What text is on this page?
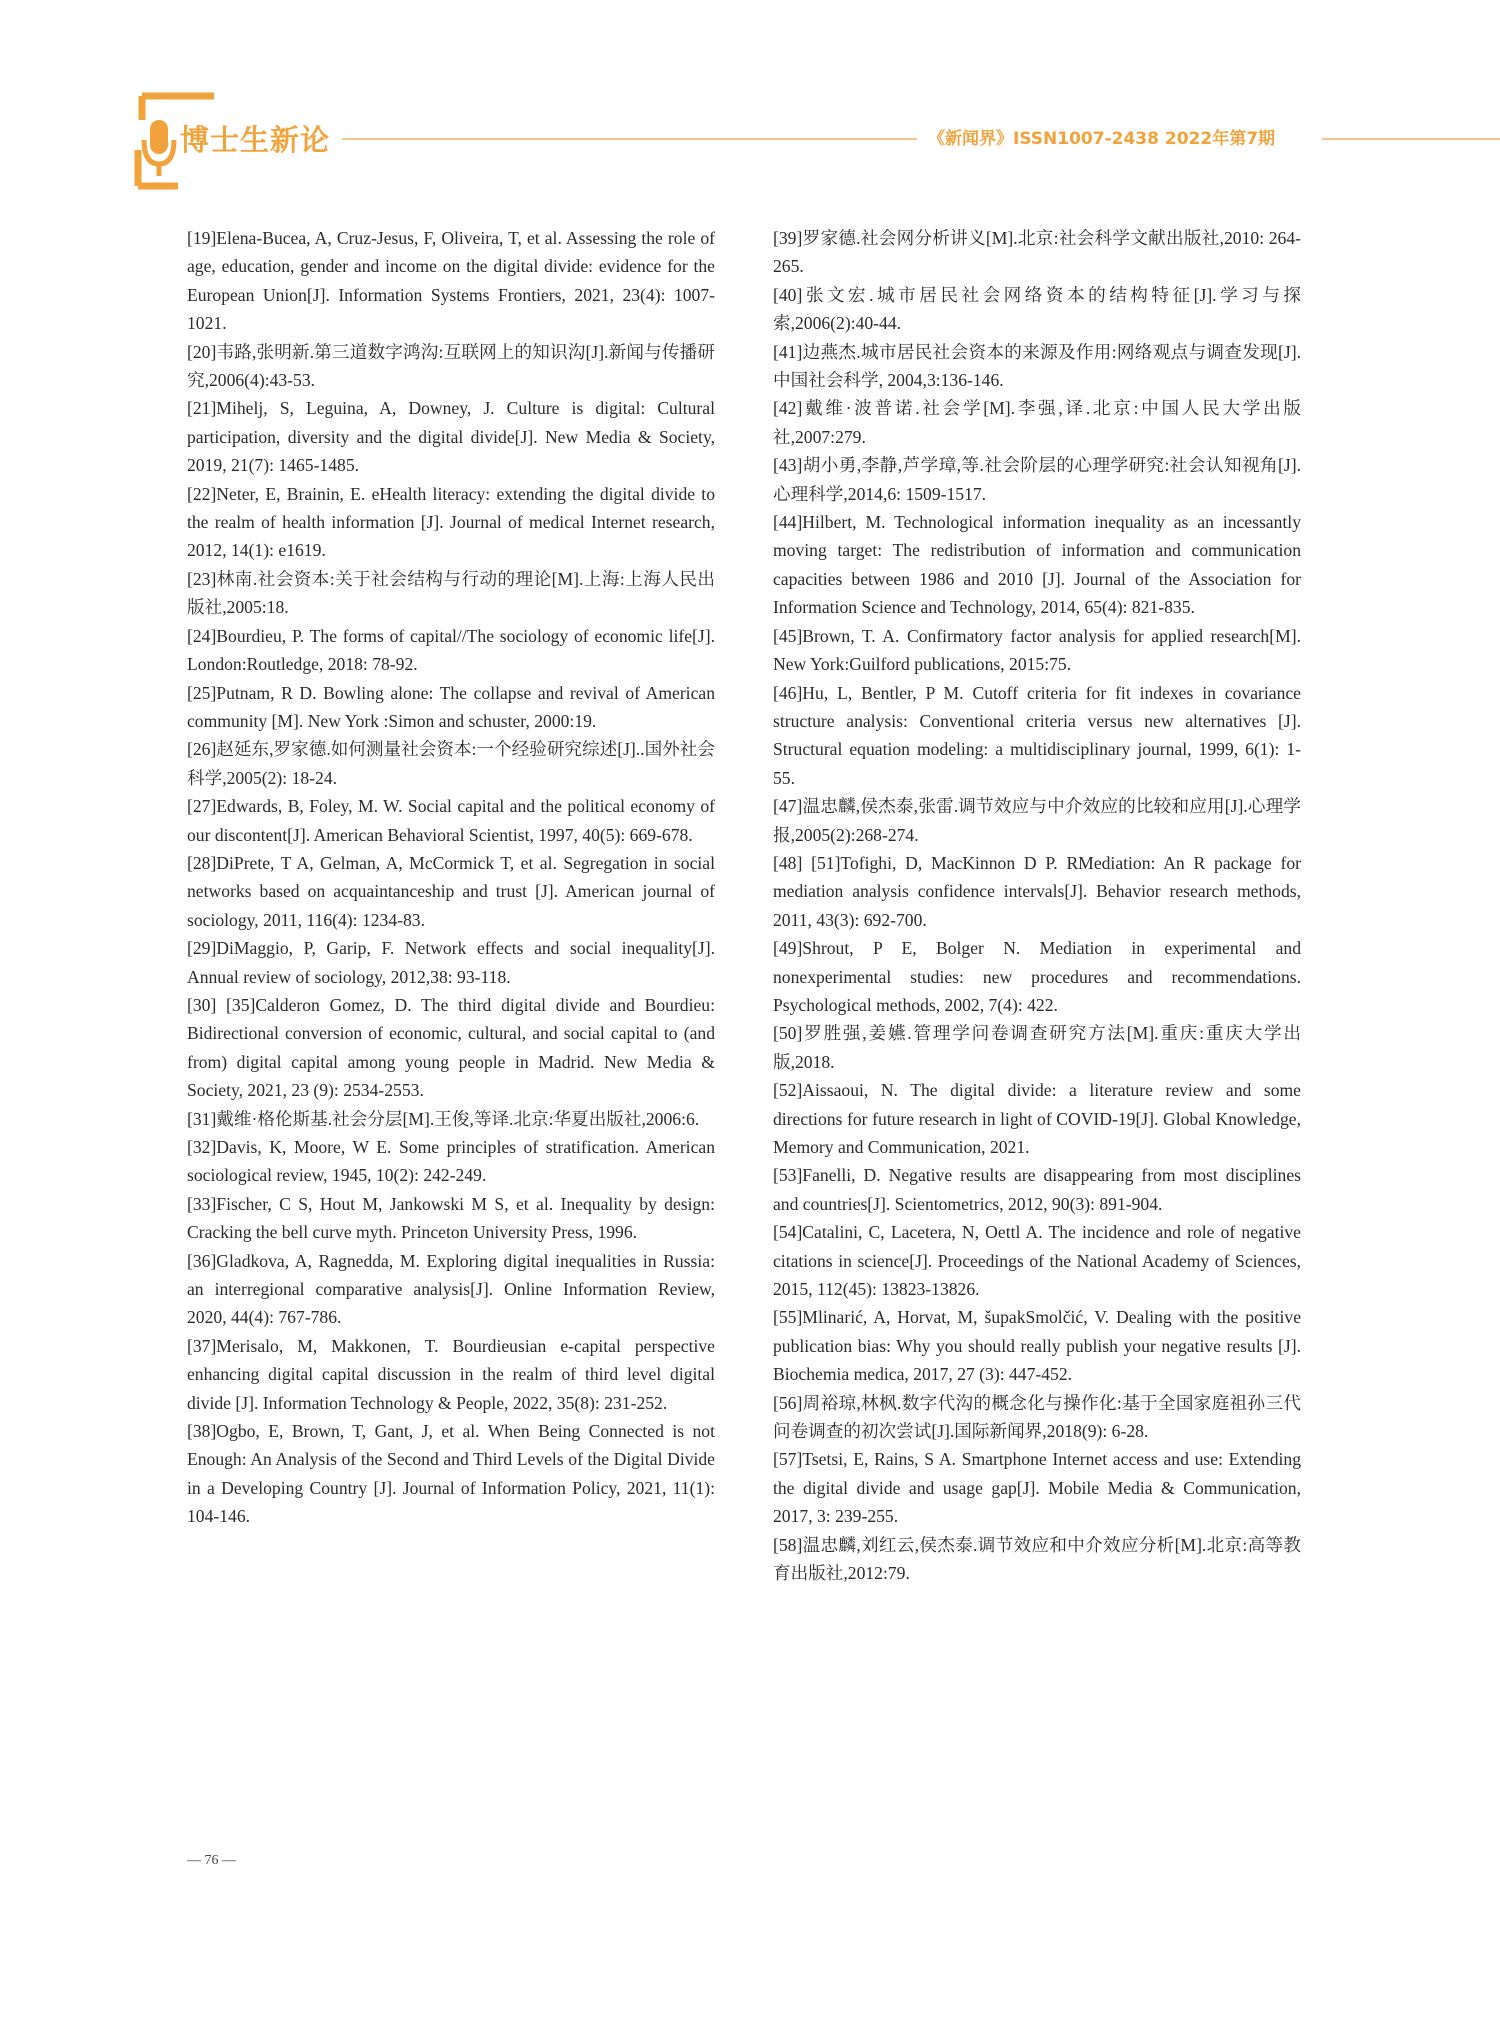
博士生新论	《新闻界》ISSN1007-2438 2022年第7期

[19]Elena-Bucea, A, Cruz-Jesus, F, Oliveira, T, et al. Assessing the role of age, education, gender and income on the digital divide: evidence for the European Union[J]. Information Systems Frontiers, 2021, 23(4): 1007-1021.

[20]韦路,张明新.第三道数字鸿沟:互联网上的知识沟[J].新闻与传播研究,2006(4):43-53.

[21]Mihelj, S, Leguina, A, Downey, J. Culture is digital: Cultural participation, diversity and the digital divide[J]. New Media & Society, 2019, 21(7): 1465-1485.

[22]Neter, E, Brainin, E. eHealth literacy: extending the digital divide to the realm of health information [J]. Journal of medical Internet research, 2012, 14(1): e1619.

[23]林南.社会资本:关于社会结构与行动的理论[M].上海:上海人民出版社,2005:18.

[24]Bourdieu, P. The forms of capital//The sociology of economic life[J]. London:Routledge, 2018: 78-92.

[25]Putnam, R D. Bowling alone: The collapse and revival of American community [M]. New York :Simon and schuster, 2000:19.

[26]赵延东,罗家德.如何测量社会资本:一个经验研究综述[J]..国外社会科学,2005(2): 18-24.

[27]Edwards, B, Foley, M. W. Social capital and the political economy of our discontent[J]. American Behavioral Scientist, 1997, 40(5): 669-678.

[28]DiPrete, T A, Gelman, A, McCormick T, et al. Segregation in social networks based on acquaintanceship and trust [J]. American journal of sociology, 2011, 116(4): 1234-83.

[29]DiMaggio, P, Garip, F. Network effects and social inequality[J]. Annual review of sociology, 2012,38: 93-118.

[30] [35]Calderon Gomez, D. The third digital divide and Bourdieu: Bidirectional conversion of economic, cultural, and social capital to (and from) digital capital among young people in Madrid. New Media & Society, 2021, 23 (9): 2534-2553.

[31]戴维·格伦斯基.社会分层[M].王俊,等译.北京:华夏出版社,2006:6.

[32]Davis, K, Moore, W E. Some principles of stratification. American sociological review, 1945, 10(2): 242-249.

[33]Fischer, C S, Hout M, Jankowski M S, et al. Inequality by design: Cracking the bell curve myth. Princeton University Press, 1996.

[36]Gladkova, A, Ragnedda, M. Exploring digital inequalities in Russia: an interregional comparative analysis[J]. Online Information Review, 2020, 44(4): 767-786.

[37]Merisalo, M, Makkonen, T. Bourdieusian e-capital perspective enhancing digital capital discussion in the realm of third level digital divide [J]. Information Technology & People, 2022, 35(8): 231-252.

[38]Ogbo, E, Brown, T, Gant, J, et al. When Being Connected is not Enough: An Analysis of the Second and Third Levels of the Digital Divide in a Developing Country [J]. Journal of Information Policy, 2021, 11(1): 104-146.

[39]罗家德.社会网分析讲义[M].北京:社会科学文献出版社,2010: 264-265.

[40]张文宏.城市居民社会网络资本的结构特征[J].学习与探索,2006(2):40-44.

[41]边燕杰.城市居民社会资本的来源及作用:网络观点与调查发现[J].中国社会科学, 2004,3:136-146.

[42]戴维·波普诺.社会学[M].李强,译.北京:中国人民大学出版社,2007:279.

[43]胡小勇,李静,芦学璋,等.社会阶层的心理学研究:社会认知视角[J].心理科学,2014,6: 1509-1517.

[44]Hilbert, M. Technological information inequality as an incessantly moving target: The redistribution of information and communication capacities between 1986 and 2010 [J]. Journal of the Association for Information Science and Technology, 2014, 65(4): 821-835.

[45]Brown, T. A. Confirmatory factor analysis for applied research[M]. New York:Guilford publications, 2015:75.

[46]Hu, L, Bentler, P M. Cutoff criteria for fit indexes in covariance structure analysis: Conventional criteria versus new alternatives [J]. Structural equation modeling: a multidisciplinary journal, 1999, 6(1): 1-55.

[47]温忠麟,侯杰泰,张雷.调节效应与中介效应的比较和应用[J].心理学报,2005(2):268-274.

[48] [51]Tofighi, D, MacKinnon D P. RMediation: An R package for mediation analysis confidence intervals[J]. Behavior research methods, 2011, 43(3): 692-700.

[49]Shrout, P E, Bolger N. Mediation in experimental and nonexperimental studies: new procedures and recommendations. Psychological methods, 2002, 7(4): 422.

[50]罗胜强,姜嬿.管理学问卷调查研究方法[M].重庆:重庆大学出版,2018.

[52]Aissaoui, N. The digital divide: a literature review and some directions for future research in light of COVID-19[J]. Global Knowledge, Memory and Communication, 2021.

[53]Fanelli, D. Negative results are disappearing from most disciplines and countries[J]. Scientometrics, 2012, 90(3): 891-904.

[54]Catalini, C, Lacetera, N, Oettl A. The incidence and role of negative citations in science[J]. Proceedings of the National Academy of Sciences, 2015, 112(45): 13823-13826.

[55]Mlinarić, A, Horvat, M, šupakSmolčić, V. Dealing with the positive publication bias: Why you should really publish your negative results [J]. Biochemia medica, 2017, 27 (3): 447-452.

[56]周裕琼,林枫.数字代沟的概念化与操作化:基于全国家庭祖孙三代问卷调查的初次尝试[J].国际新闻界,2018(9): 6-28.

[57]Tsetsi, E, Rains, S A. Smartphone Internet access and use: Extending the digital divide and usage gap[J]. Mobile Media & Communication, 2017, 3: 239-255.

[58]温忠麟,刘红云,侯杰泰.调节效应和中介效应分析[M].北京:高等教育出版社,2012:79.

— 76 —
